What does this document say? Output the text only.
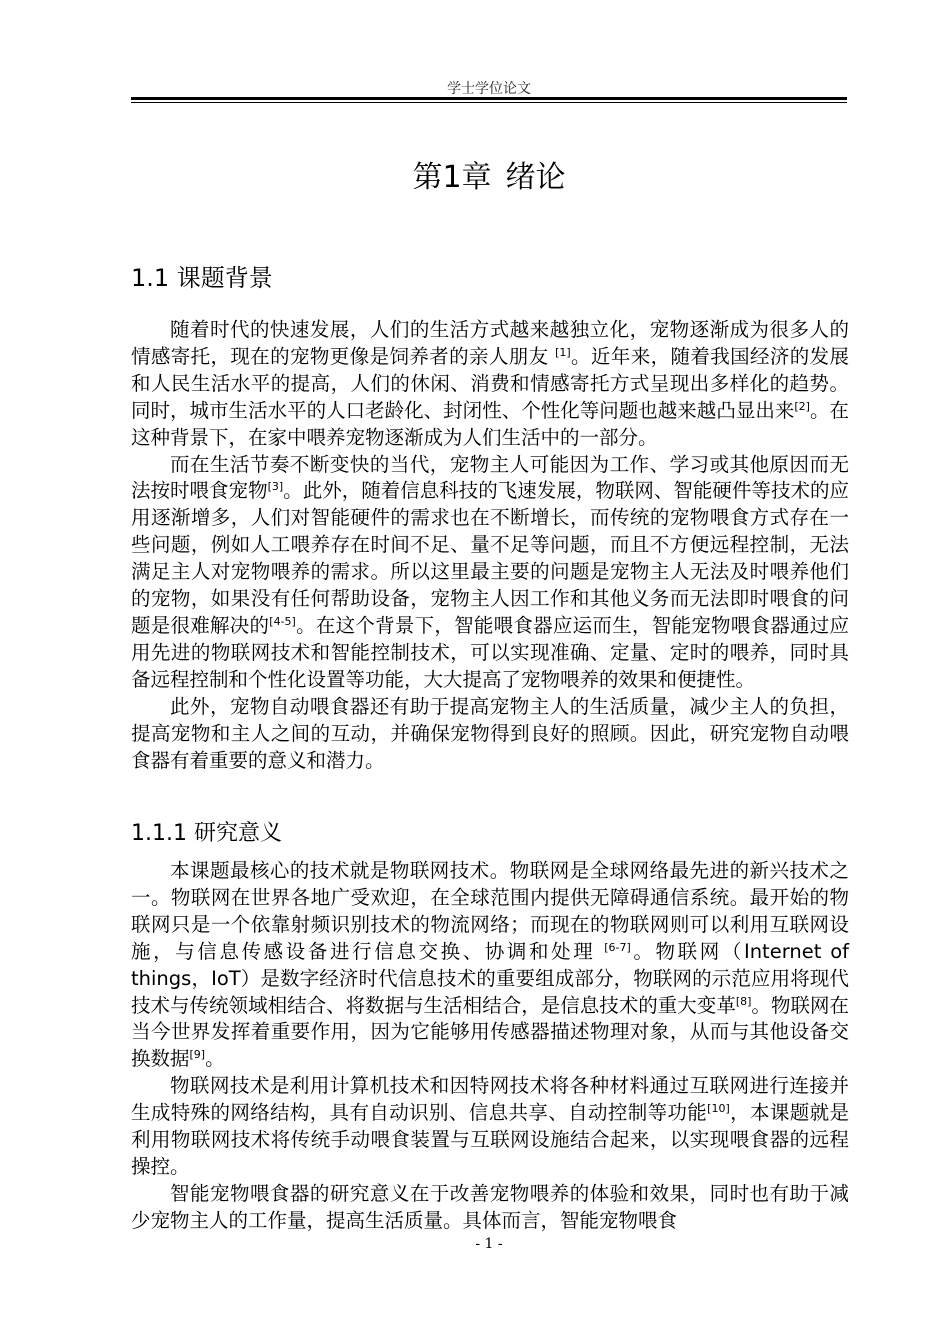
学士学位论文
第1章 绪论
1.1 课题背景

随着时代的快速发展，人们的生活方式越来越独立化，宠物逐渐成为很多人的情感寄托，现在的宠物更像是饲养者的亲人朋友 [1]。近年来，随着我国经济的发展和人民生活水平的提高，人们的休闲、消费和情感寄托方式呈现出多样化的趋势。同时，城市生活水平的人口老龄化、封闭性、个性化等问题也越来越凸显出来[2]。在这种背景下，在家中喂养宠物逐渐成为人们生活中的一部分。

而在生活节奏不断变快的当代，宠物主人可能因为工作、学习或其他原因而无法按时喂食宠物[3]。此外，随着信息科技的飞速发展，物联网、智能硬件等技术的应用逐渐增多，人们对智能硬件的需求也在不断增长，而传统的宠物喂食方式存在一些问题，例如人工喂养存在时间不足、量不足等问题，而且不方便远程控制，无法满足主人对宠物喂养的需求。所以这里最主要的问题是宠物主人无法及时喂养他们的宠物，如果没有任何帮助设备，宠物主人因工作和其他义务而无法即时喂食的问题是很难解决的[4-5]。在这个背景下，智能喂食器应运而生，智能宠物喂食器通过应用先进的物联网技术和智能控制技术，可以实现准确、定量、定时的喂养，同时具备远程控制和个性化设置等功能，大大提高了宠物喂养的效果和便捷性。

此外，宠物自动喂食器还有助于提高宠物主人的生活质量，减少主人的负担，提高宠物和主人之间的互动，并确保宠物得到良好的照顾。因此，研究宠物自动喂食器有着重要的意义和潜力。

1.1.1 研究意义

本课题最核心的技术就是物联网技术。物联网是全球网络最先进的新兴技术之一。物联网在世界各地广受欢迎，在全球范围内提供无障碍通信系统。最开始的物联网只是一个依靠射频识别技术的物流网络；而现在的物联网则可以利用互联网设施，与信息传感设备进行信息交换、协调和处理 [6-7]。物联网（Internet of things，IoT）是数字经济时代信息技术的重要组成部分，物联网的示范应用将现代技术与传统领域相结合、将数据与生活相结合，是信息技术的重大变革[8]。物联网在当今世界发挥着重要作用，因为它能够用传感器描述物理对象，从而与其他设备交换数据[9]。

物联网技术是利用计算机技术和因特网技术将各种材料通过互联网进行连接并生成特殊的网络结构，具有自动识别、信息共享、自动控制等功能[10]，本课题就是利用物联网技术将传统手动喂食装置与互联网设施结合起来，以实现喂食器的远程操控。

智能宠物喂食器的研究意义在于改善宠物喂养的体验和效果，同时也有助于减少宠物主人的工作量，提高生活质量。具体而言，智能宠物喂食

- 1 -
